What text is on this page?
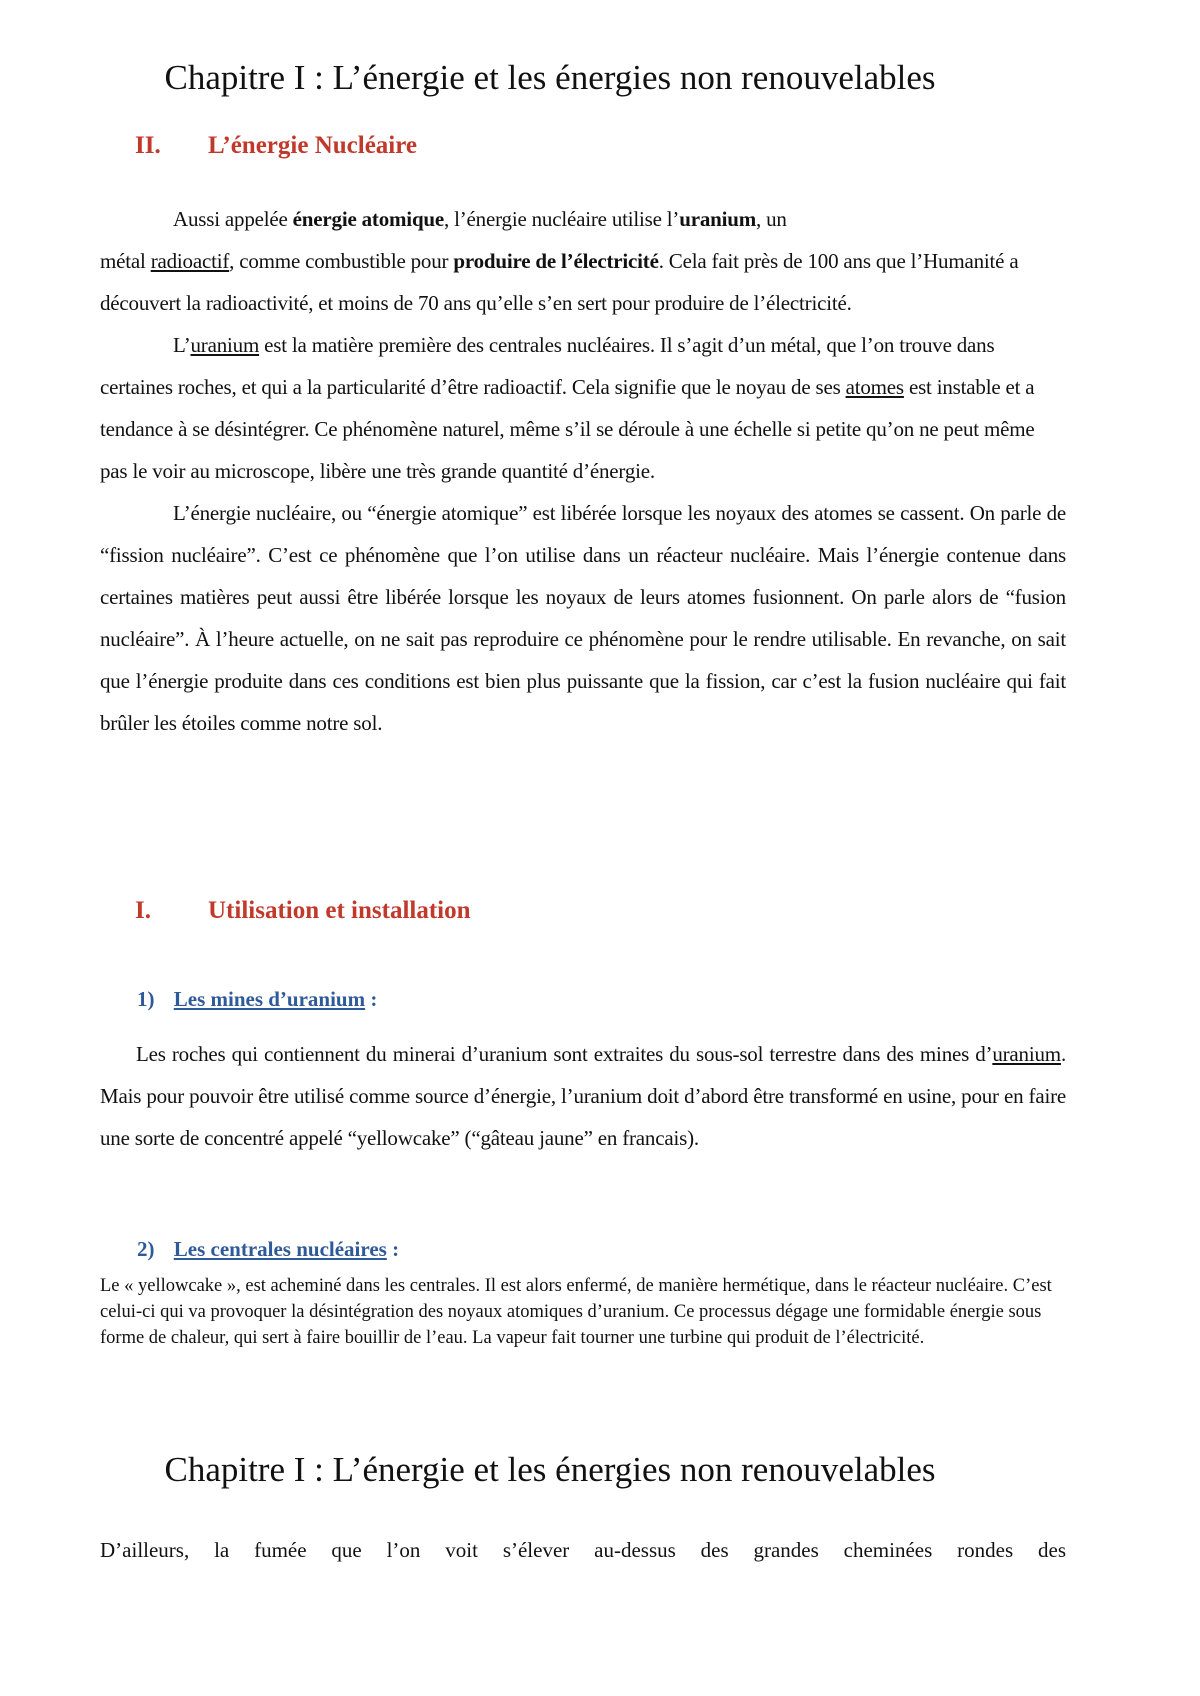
Chapitre I : L’énergie et les énergies non renouvelables
II. L’énergie Nucléaire

Aussi appelée énergie atomique, l’énergie nucléaire utilise l’uranium, un

métal radioactif, comme combustible pour produire de l’électricité. Cela fait près de 100 ans que l’Humanité a découvert la radioactivité, et moins de 70 ans qu’elle s’en sert pour produire de l’électricité.

L’uranium est la matière première des centrales nucléaires. Il s’agit d’un métal, que l’on trouve dans certaines roches, et qui a la particularité d’être radioactif. Cela signifie que le noyau de ses atomes est instable et a tendance à se désintégrer. Ce phénomène naturel, même s’il se déroule à une échelle si petite qu’on ne peut même pas le voir au microscope, libère une très grande quantité d’énergie.

L’énergie nucléaire, ou “énergie atomique” est libérée lorsque les noyaux des atomes se cassent. On parle de “fission nucléaire”. C’est ce phénomène que l’on utilise dans un réacteur nucléaire. Mais l’énergie contenue dans certaines matières peut aussi être libérée lorsque les noyaux de leurs atomes fusionnent. On parle alors de “fusion nucléaire”. À l’heure actuelle, on ne sait pas reproduire ce phénomène pour le rendre utilisable. En revanche, on sait que l’énergie produite dans ces conditions est bien plus puissante que la fission, car c’est la fusion nucléaire qui fait brûler les étoiles comme notre sol.

I. Utilisation et installation
1) Les mines d’uranium :

Les roches qui contiennent du minerai d’uranium sont extraites du sous-sol terrestre dans des mines d’uranium. Mais pour pouvoir être utilisé comme source d’énergie, l’uranium doit d’abord être transformé en usine, pour en faire une sorte de concentré appelé “yellowcake” (“gâteau jaune” en francais).

2) Les centrales nucléaires :

Le « yellowcake », est acheminé dans les centrales. Il est alors enfermé, de manière hermétique, dans le réacteur nucléaire. C’est celui-ci qui va provoquer la désintégration des noyaux atomiques d’uranium. Ce processus dégage une formidable énergie sous forme de chaleur, qui sert à faire bouillir de l’eau. La vapeur fait tourner une turbine qui produit de l’électricité.

Chapitre I : L’énergie et les énergies non renouvelables

D’ailleurs, la fumée que l’on voit s’élever au-dessus des grandes cheminées rondes des
